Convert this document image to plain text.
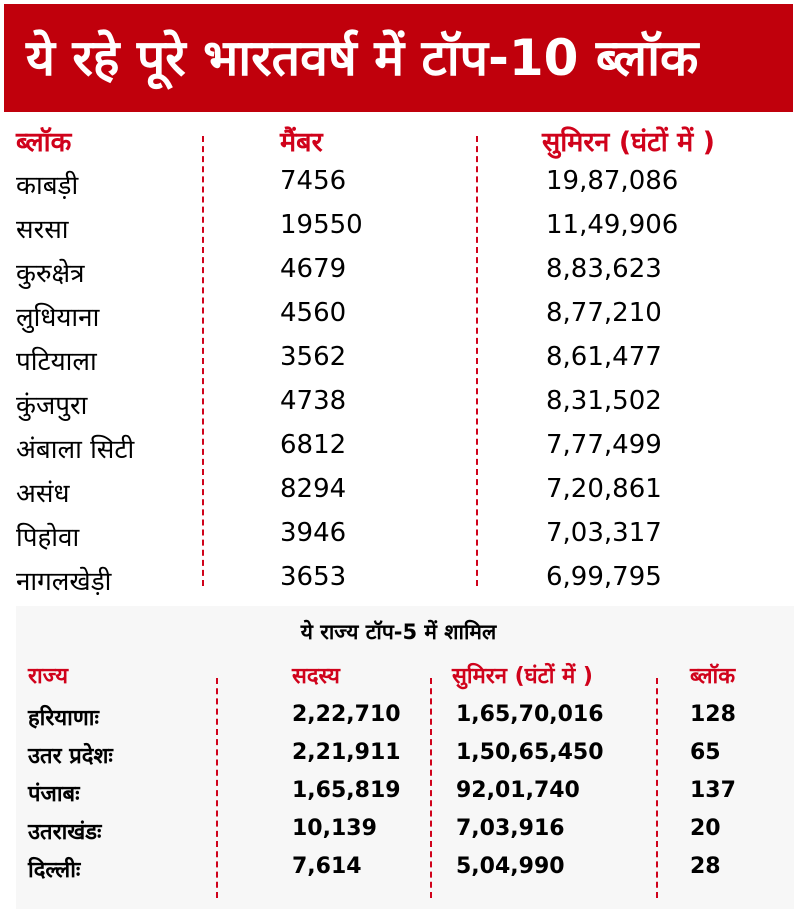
ये रहे पूरे भारतवर्ष में टॉप-10 ब्लॉक
ब्लॉक	मैंबर	सुमिरन (घंटों में )
काबड़ी	7456	19,87,086
सरसा	19550	11,49,906
कुरुक्षेत्र	4679	8,83,623
लुधियाना	4560	8,77,210
पटियाला	3562	8,61,477
कुंजपुरा	4738	8,31,502
अंबाला सिटी	6812	7,77,499
असंध	8294	7,20,861
पिहोवा	3946	7,03,317
नागलखेड़ी	3653	6,99,795
ये राज्य टॉप-5 में शामिल
राज्य	सदस्य	सुमिरन (घंटों में )	ब्लॉक
हरियाणाः	2,22,710	1,65,70,016	128
उतर प्रदेशः	2,21,911	1,50,65,450	65
पंजाबः	1,65,819	92,01,740	137
उतराखंडः	10,139	7,03,916	20
दिल्लीः	7,614	5,04,990	28
